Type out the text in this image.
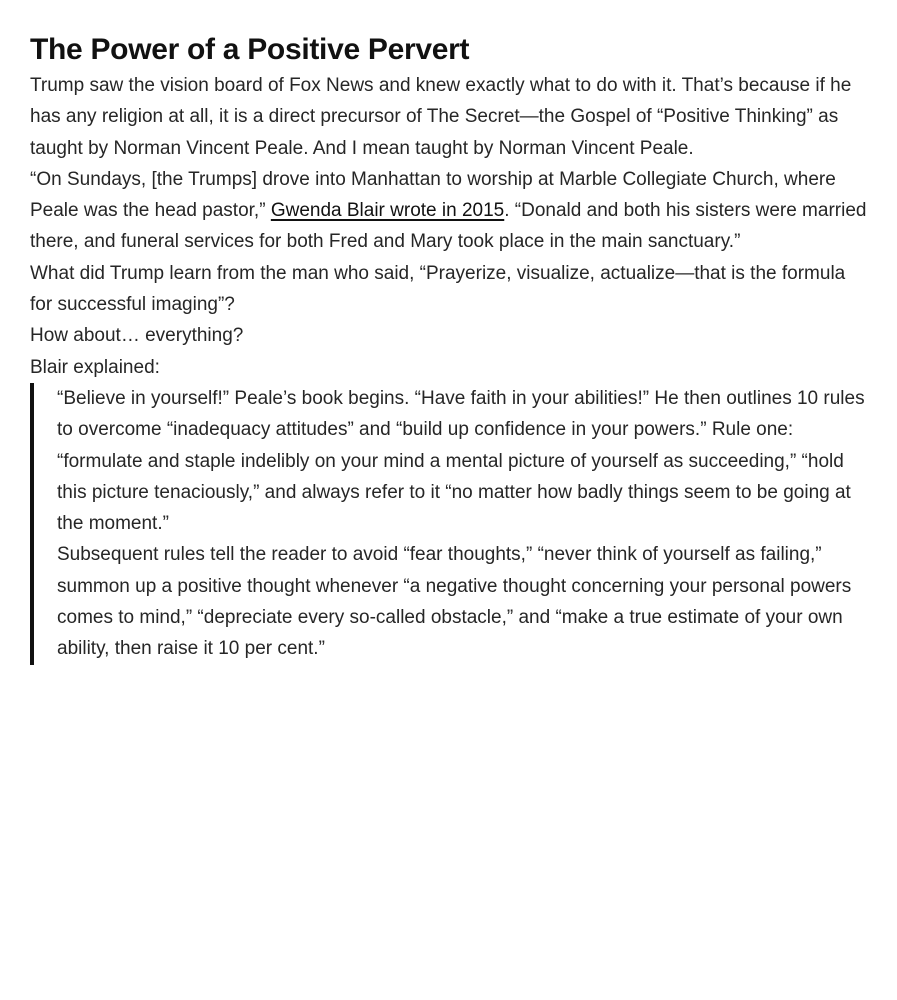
The Power of a Positive Pervert

Trump saw the vision board of Fox News and knew exactly what to do with it. That’s because if he has any religion at all, it is a direct precursor of The Secret—the Gospel of “Positive Thinking” as taught by Norman Vincent Peale. And I mean taught by Norman Vincent Peale.

“On Sundays, [the Trumps] drove into Manhattan to worship at Marble Collegiate Church, where Peale was the head pastor,” Gwenda Blair wrote in 2015. “Donald and both his sisters were married there, and funeral services for both Fred and Mary took place in the main sanctuary.”

What did Trump learn from the man who said, “Prayerize, visualize, actualize—that is the formula for successful imaging”?

How about… everything?

Blair explained:

“Believe in yourself!” Peale’s book begins. “Have faith in your abilities!” He then outlines 10 rules to overcome “inadequacy attitudes” and “build up confidence in your powers.” Rule one: “formulate and staple indelibly on your mind a mental picture of yourself as succeeding,” “hold this picture tenaciously,” and always refer to it “no matter how badly things seem to be going at the moment.”

Subsequent rules tell the reader to avoid “fear thoughts,” “never think of yourself as failing,” summon up a positive thought whenever “a negative thought concerning your personal powers comes to mind,” “depreciate every so-called obstacle,” and “make a true estimate of your own ability, then raise it 10 per cent.”
